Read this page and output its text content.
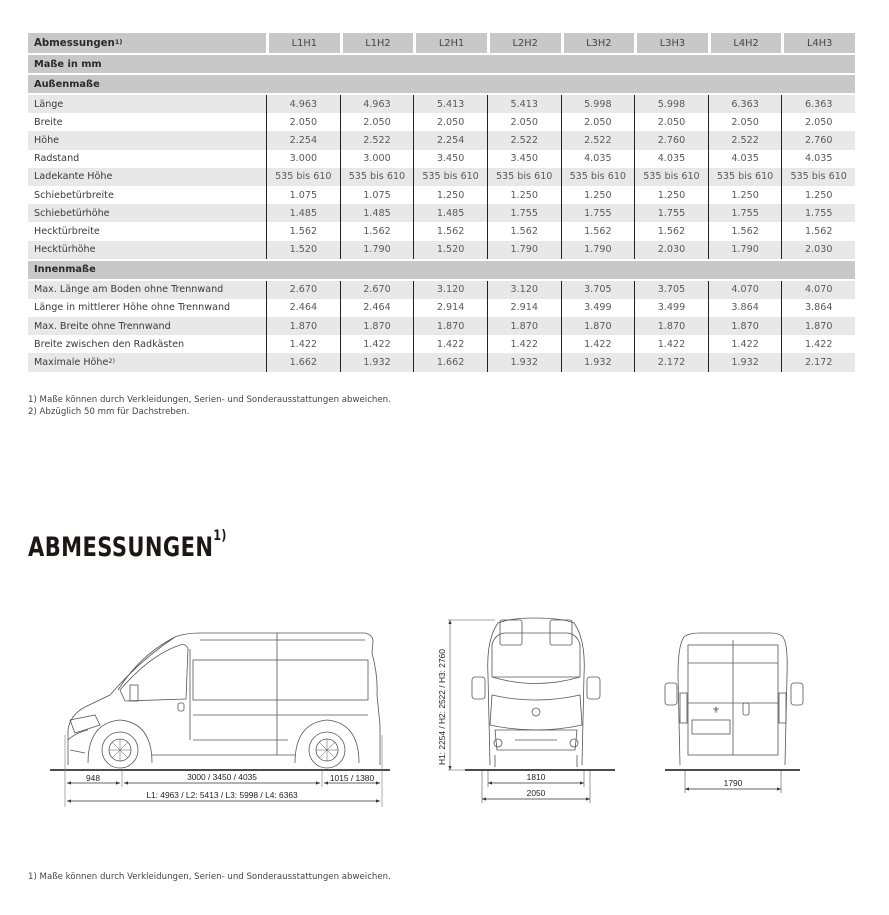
Abmessungen$^{1)}$	L1H1	L1H2	L2H1	L2H2	L3H2	L3H3	L4H2	L4H3
Maße in mm
Außenmaße
Länge	4.963	4.963	5.413	5.413	5.998	5.998	6.363	6.363
Breite	2.050	2.050	2.050	2.050	2.050	2.050	2.050	2.050
Höhe	2.254	2.522	2.254	2.522	2.522	2.760	2.522	2.760
Radstand	3.000	3.000	3.450	3.450	4.035	4.035	4.035	4.035
Ladekante Höhe	535 bis 610	535 bis 610	535 bis 610	535 bis 610	535 bis 610	535 bis 610	535 bis 610	535 bis 610
Schiebetürbreite	1.075	1.075	1.250	1.250	1.250	1.250	1.250	1.250
Schiebetürhöhe	1.485	1.485	1.485	1.755	1.755	1.755	1.755	1.755
Hecktürbreite	1.562	1.562	1.562	1.562	1.562	1.562	1.562	1.562
Hecktürhöhe	1.520	1.790	1.520	1.790	1.790	2.030	1.790	2.030
Innenmaße
Max. Länge am Boden ohne Trennwand	2.670	2.670	3.120	3.120	3.705	3.705	4.070	4.070
Länge in mittlerer Höhe ohne Trennwand	2.464	2.464	2.914	2.914	3.499	3.499	3.864	3.864
Max. Breite ohne Trennwand	1.870	1.870	1.870	1.870	1.870	1.870	1.870	1.870
Breite zwischen den Radkästen	1.422	1.422	1.422	1.422	1.422	1.422	1.422	1.422
Maximale Höhe$^{2)}$	1.662	1.932	1.662	1.932	1.932	2.172	1.932	2.172
1) Maße können durch Verkleidungen, Serien- und Sonderausstattungen abweichen.
2) Abzüglich 50 mm für Dachstreben.
ABMESSUNGEN$^{1)}$
948	3000 / 3450 / 4035	1015 / 1380
L1: 4963 / L2: 5413 / L3: 5998 / L4: 6363
H1: 2254 / H2: 2522 / H3: 2760
1810
2050
⚜
1790
1) Maße können durch Verkleidungen, Serien- und Sonderausstattungen abweichen.
